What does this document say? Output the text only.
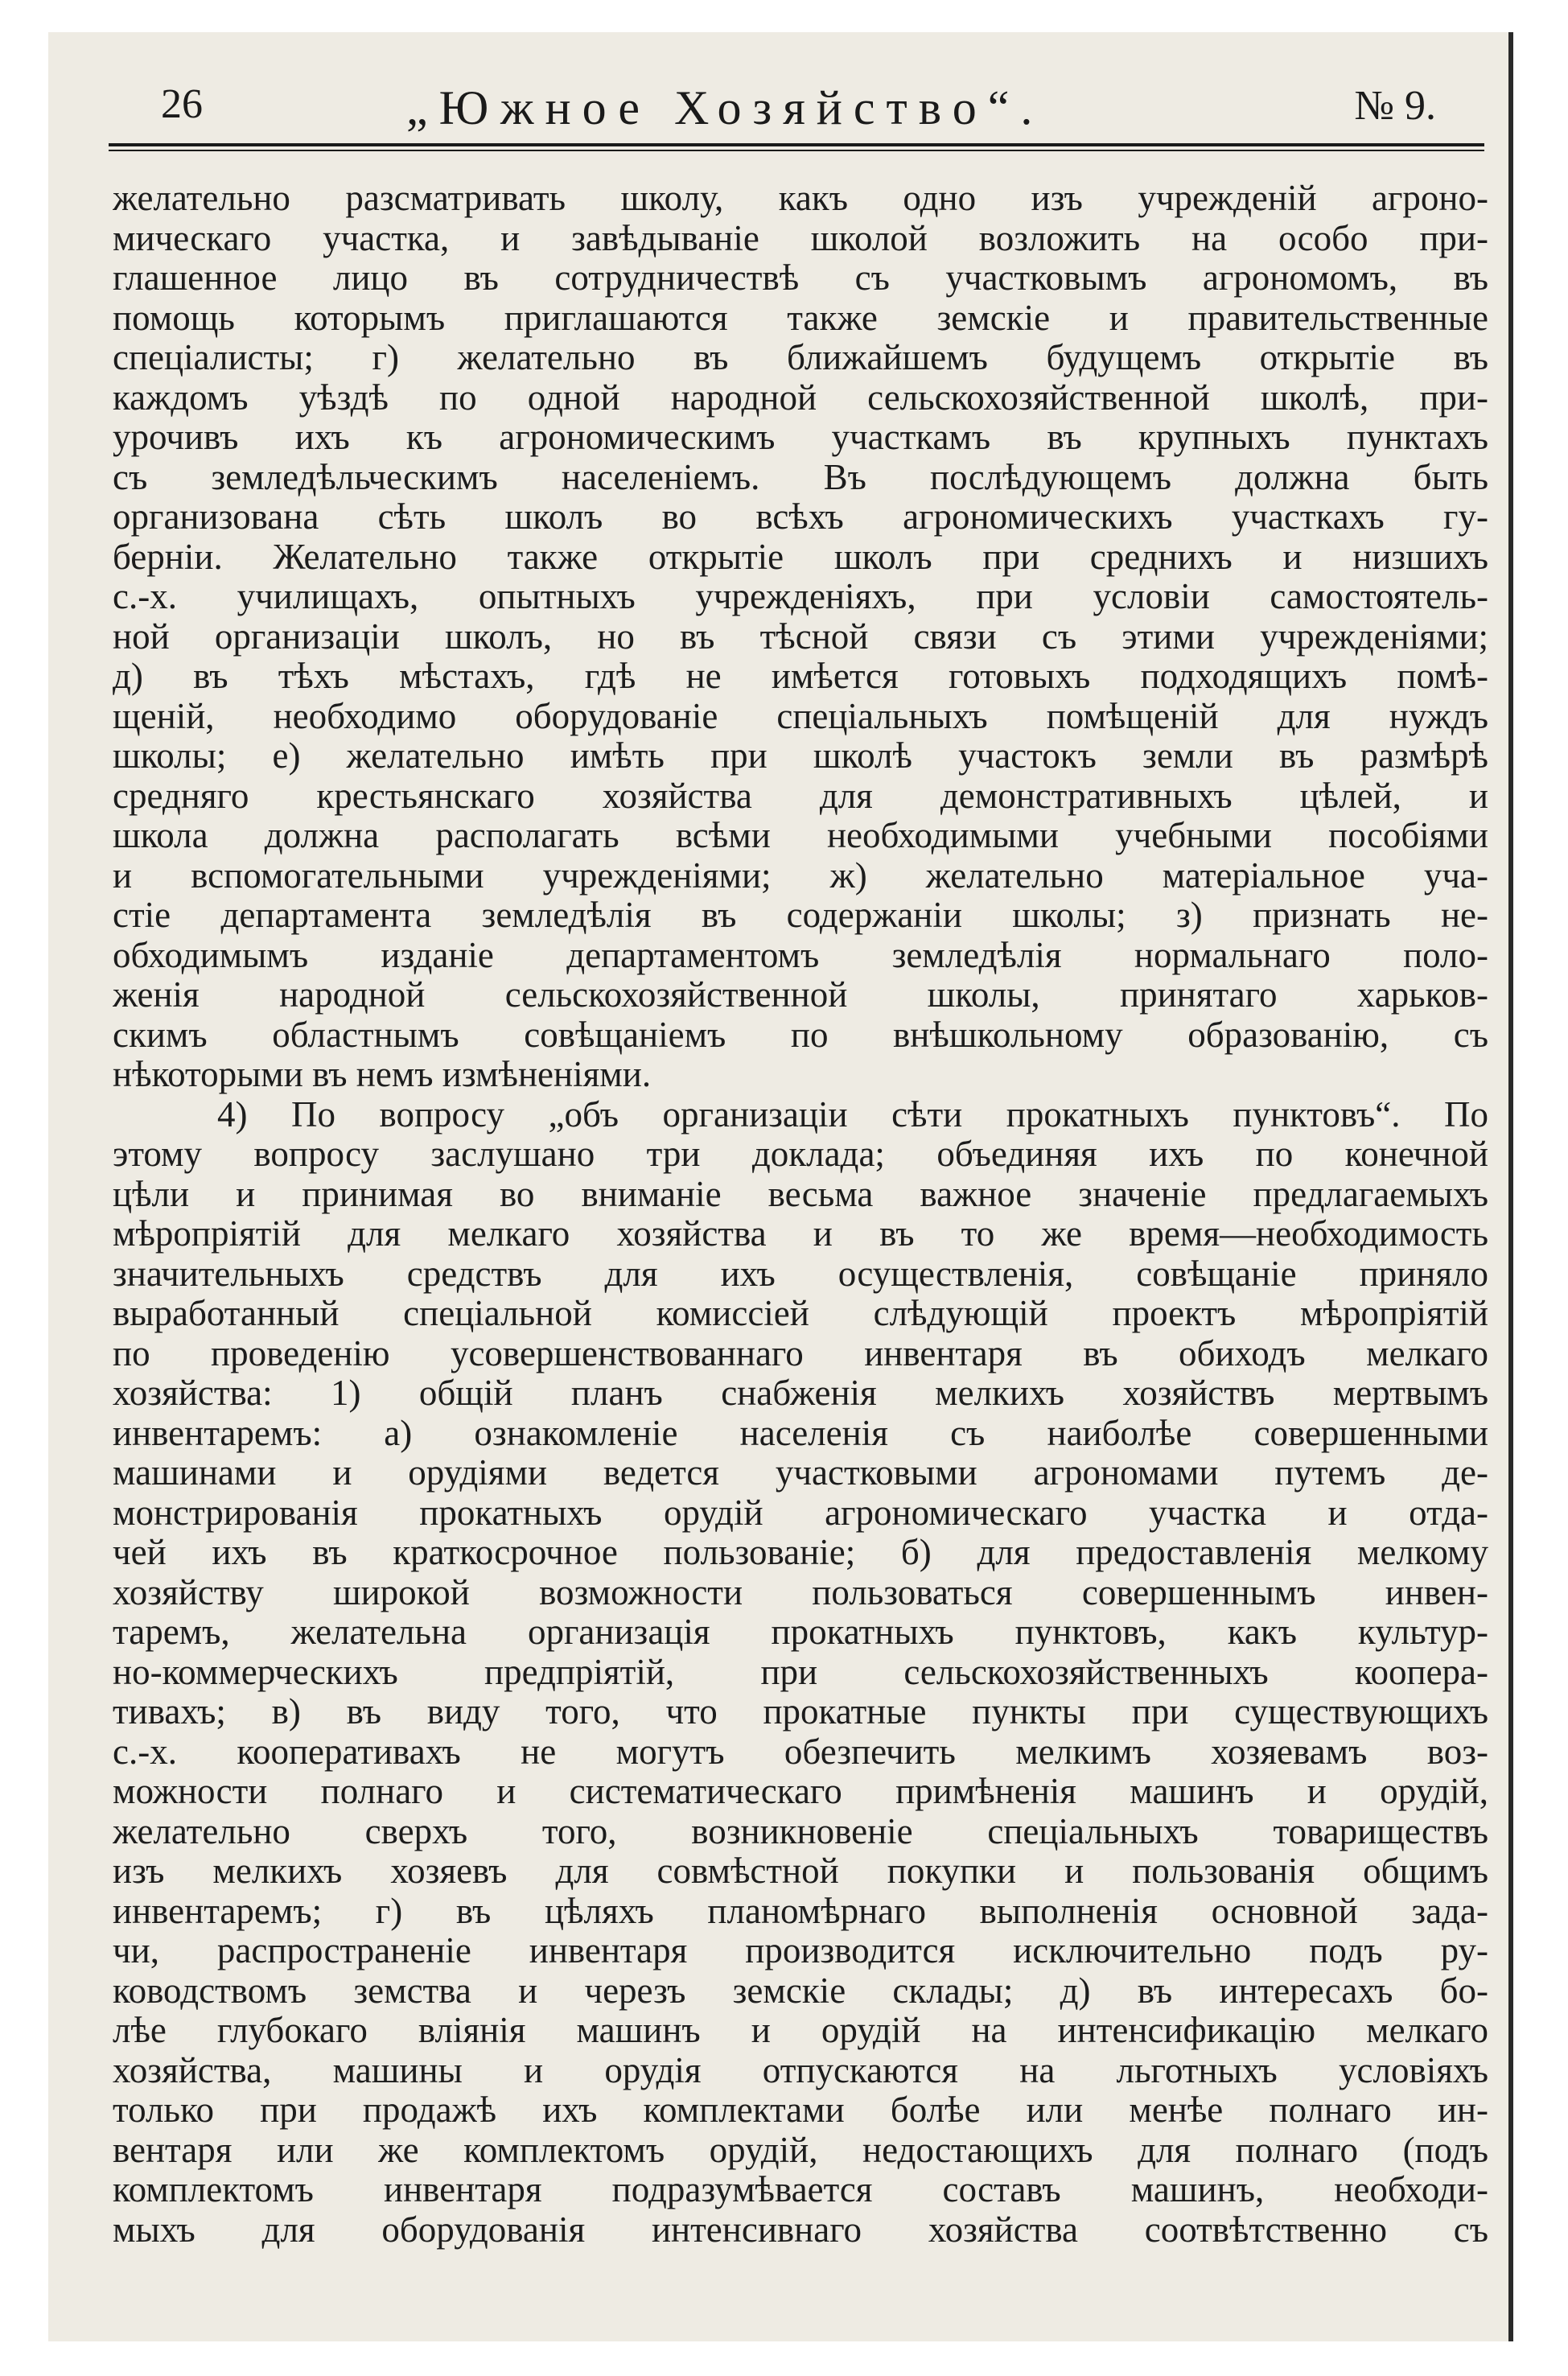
26	„Южное Хозяйство“.	№ 9.
желательно разсматривать школу, какъ одно изъ учрежденій агроно-
мическаго участка, и завѣдываніе школой возложить на особо при-
глашенное лицо въ сотрудничествѣ съ участковымъ агрономомъ, въ
помощь которымъ приглашаются также земскіе и правительственные
спеціалисты; г) желательно въ ближайшемъ будущемъ открытіе въ
каждомъ уѣздѣ по одной народной сельскохозяйственной школѣ, при-
урочивъ ихъ къ агрономическимъ участкамъ въ крупныхъ пунктахъ
съ земледѣльческимъ населеніемъ. Въ послѣдующемъ должна быть
организована сѣть школъ во всѣхъ агрономическихъ участкахъ гу-
берніи. Желательно также открытіе школъ при среднихъ и низшихъ
с.-х. училищахъ, опытныхъ учрежденіяхъ, при условіи самостоятель-
ной организаціи школъ, но въ тѣсной связи съ этими учрежденіями;
д) въ тѣхъ мѣстахъ, гдѣ не имѣется готовыхъ подходящихъ помѣ-
щеній, необходимо оборудованіе спеціальныхъ помѣщеній для нуждъ
школы; е) желательно имѣть при школѣ участокъ земли въ размѣрѣ
средняго крестьянскаго хозяйства для демонстративныхъ цѣлей, и
школа должна располагать всѣми необходимыми учебными пособіями
и вспомогательными учрежденіями; ж) желательно матеріальное уча-
стіе департамента земледѣлія въ содержаніи школы; з) признать не-
обходимымъ изданіе департаментомъ земледѣлія нормальнаго поло-
женія народной сельскохозяйственной школы, принятаго харьков-
скимъ областнымъ совѣщаніемъ по внѣшкольному образованію, съ
нѣкоторыми въ немъ измѣненіями.
4) По вопросу „объ организаціи сѣти прокатныхъ пунктовъ“. По
этому вопросу заслушано три доклада; объединяя ихъ по конечной
цѣли и принимая во вниманіе весьма важное значеніе предлагаемыхъ
мѣропріятій для мелкаго хозяйства и въ то же время—необходимость
значительныхъ средствъ для ихъ осуществленія, совѣщаніе приняло
выработанный спеціальной комиссіей слѣдующій проектъ мѣропріятій
по проведенію усовершенствованнаго инвентаря въ обиходъ мелкаго
хозяйства: 1) общій планъ снабженія мелкихъ хозяйствъ мертвымъ
инвентаремъ: а) ознакомленіе населенія съ наиболѣе совершенными
машинами и орудіями ведется участковыми агрономами путемъ де-
монстрированія прокатныхъ орудій агрономическаго участка и отда-
чей ихъ въ краткосрочное пользованіе; б) для предоставленія мелкому
хозяйству широкой возможности пользоваться совершеннымъ инвен-
таремъ, желательна организація прокатныхъ пунктовъ, какъ культур-
но-коммерческихъ предпріятій, при сельскохозяйственныхъ коопера-
тивахъ; в) въ виду того, что прокатные пункты при существующихъ
с.-х. кооперативахъ не могутъ обезпечить мелкимъ хозяевамъ воз-
можности полнаго и систематическаго примѣненія машинъ и орудій,
желательно сверхъ того, возникновеніе спеціальныхъ товариществъ
изъ мелкихъ хозяевъ для совмѣстной покупки и пользованія общимъ
инвентаремъ; г) въ цѣляхъ планомѣрнаго выполненія основной зада-
чи, распространеніе инвентаря производится исключительно подъ ру-
ководствомъ земства и черезъ земскіе склады; д) въ интересахъ бо-
лѣе глубокаго вліянія машинъ и орудій на интенсификацію мелкаго
хозяйства, машины и орудія отпускаются на льготныхъ условіяхъ
только при продажѣ ихъ комплектами болѣе или менѣе полнаго ин-
вентаря или же комплектомъ орудій, недостающихъ для полнаго (подъ
комплектомъ инвентаря подразумѣвается составъ машинъ, необходи-
мыхъ для оборудованія интенсивнаго хозяйства соотвѣтственно съ
